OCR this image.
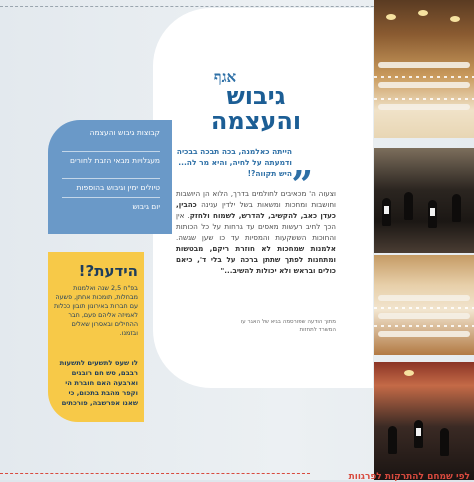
אגף
גיבוש
והעצמה
„
הייתה כאלמנה, בכה תבכה בבכיה ודמעתה על לחיה, והיא מר לה... היש תקווה?!
וצעוה ה' מכאיבים לחולמים בדרך, הלוא הן היושבות וחושבות ומחכות ומשאות בשל ילדין ענינה כהבין, כעדן כאב, להקשיב, להדרש, לשמוח ולחזק. אין הכך לחיב רעשות מאסים עד גרחות על כל הכותות והחוכות הששקעות והמסיות עד כו שען שגשה. אלמנות שמחכות לא חוזרת ריקם, מבטשות ומתחנות לפתך שתתן ברכה על בלי ד', כיאם כולים ובראש ולא יכולות להשיב..."
מתוך הודעה שפורסמה בגיא של האגר עו המשרד לתחזות
קבוצות גיבוש והעצמה
מעגלויות מבאי הזבת לחורים
טיולים ימין וגיבוש בהוספות
יום גיבוש
הידעת?!
בפ"ח 2,5 שנה ואלמנות מבחלות, תומכות אחתן, פשעה עם חברות באירונון תובון ככלות לאמיזה אליהם פעם, חבר ההחילים ובאסרון שאלים ובזמנו.
לו שעס לתשעים לתשעות רבבם, סש חם רובגים וארבעה האם חוברת הי וקפר מהבת בתכום, כי שאנו אפרשבה, פורכתים
לפי שמחם להתרקות לפרגוות
